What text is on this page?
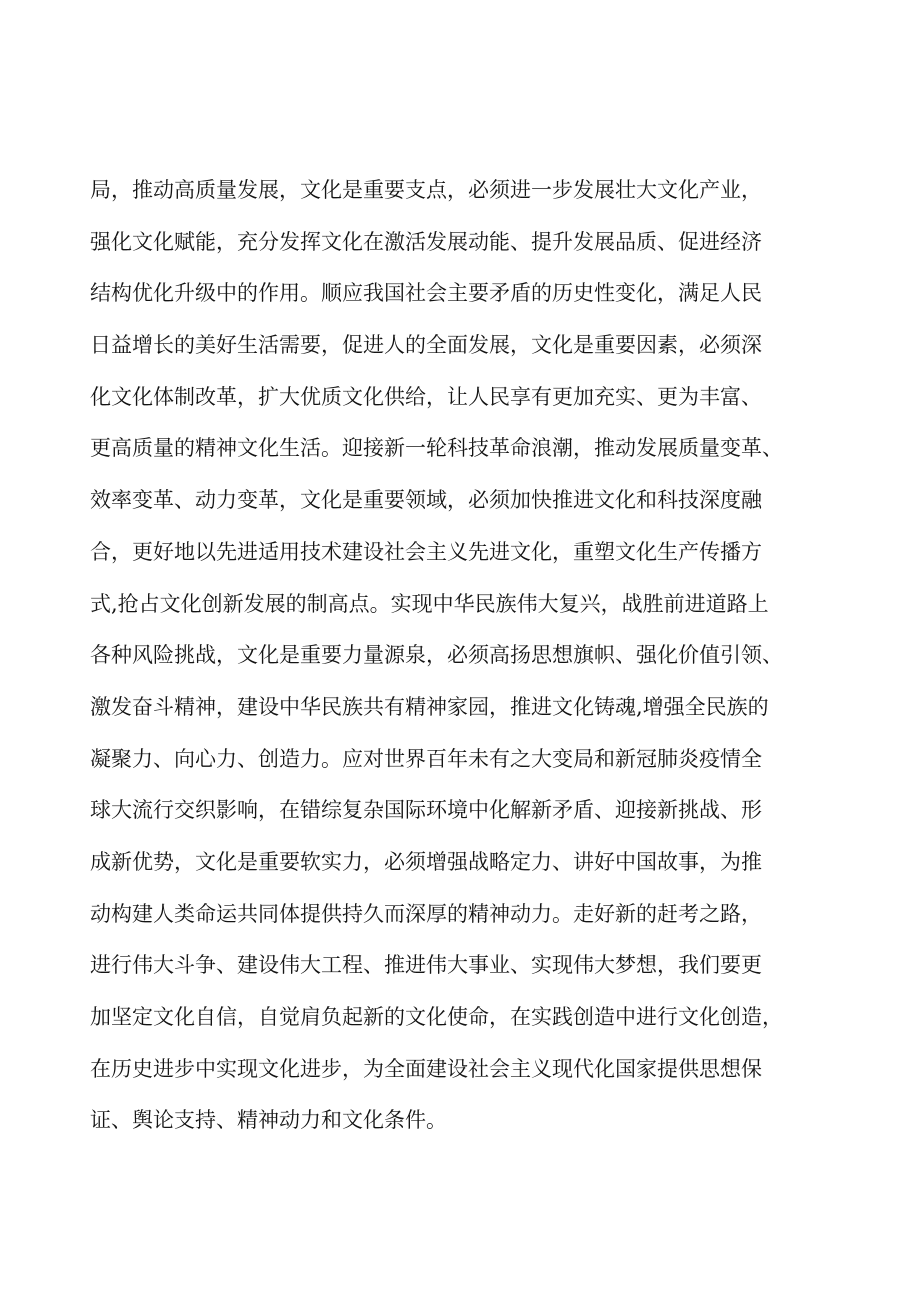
局，推动高质量发展，文化是重要支点，必须进一步发展壮大文化产业，
强化文化赋能，充分发挥文化在激活发展动能、提升发展品质、促进经济
结构优化升级中的作用。顺应我国社会主要矛盾的历史性变化，满足人民
日益增长的美好生活需要，促进人的全面发展，文化是重要因素，必须深
化文化体制改革，扩大优质文化供给，让人民享有更加充实、更为丰富、
更高质量的精神文化生活。迎接新一轮科技革命浪潮，推动发展质量变革、
效率变革、动力变革，文化是重要领域，必须加快推进文化和科技深度融
合，更好地以先进适用技术建设社会主义先进文化，重塑文化生产传播方
式,抢占文化创新发展的制高点。实现中华民族伟大复兴，战胜前进道路上
各种风险挑战，文化是重要力量源泉，必须高扬思想旗帜、强化价值引领、
激发奋斗精神，建设中华民族共有精神家园，推进文化铸魂,增强全民族的
凝聚力、向心力、创造力。应对世界百年未有之大变局和新冠肺炎疫情全
球大流行交织影响，在错综复杂国际环境中化解新矛盾、迎接新挑战、形
成新优势，文化是重要软实力，必须增强战略定力、讲好中国故事，为推
动构建人类命运共同体提供持久而深厚的精神动力。走好新的赶考之路，
进行伟大斗争、建设伟大工程、推进伟大事业、实现伟大梦想，我们要更
加坚定文化自信，自觉肩负起新的文化使命，在实践创造中进行文化创造，
在历史进步中实现文化进步，为全面建设社会主义现代化国家提供思想保
证、舆论支持、精神动力和文化条件。
